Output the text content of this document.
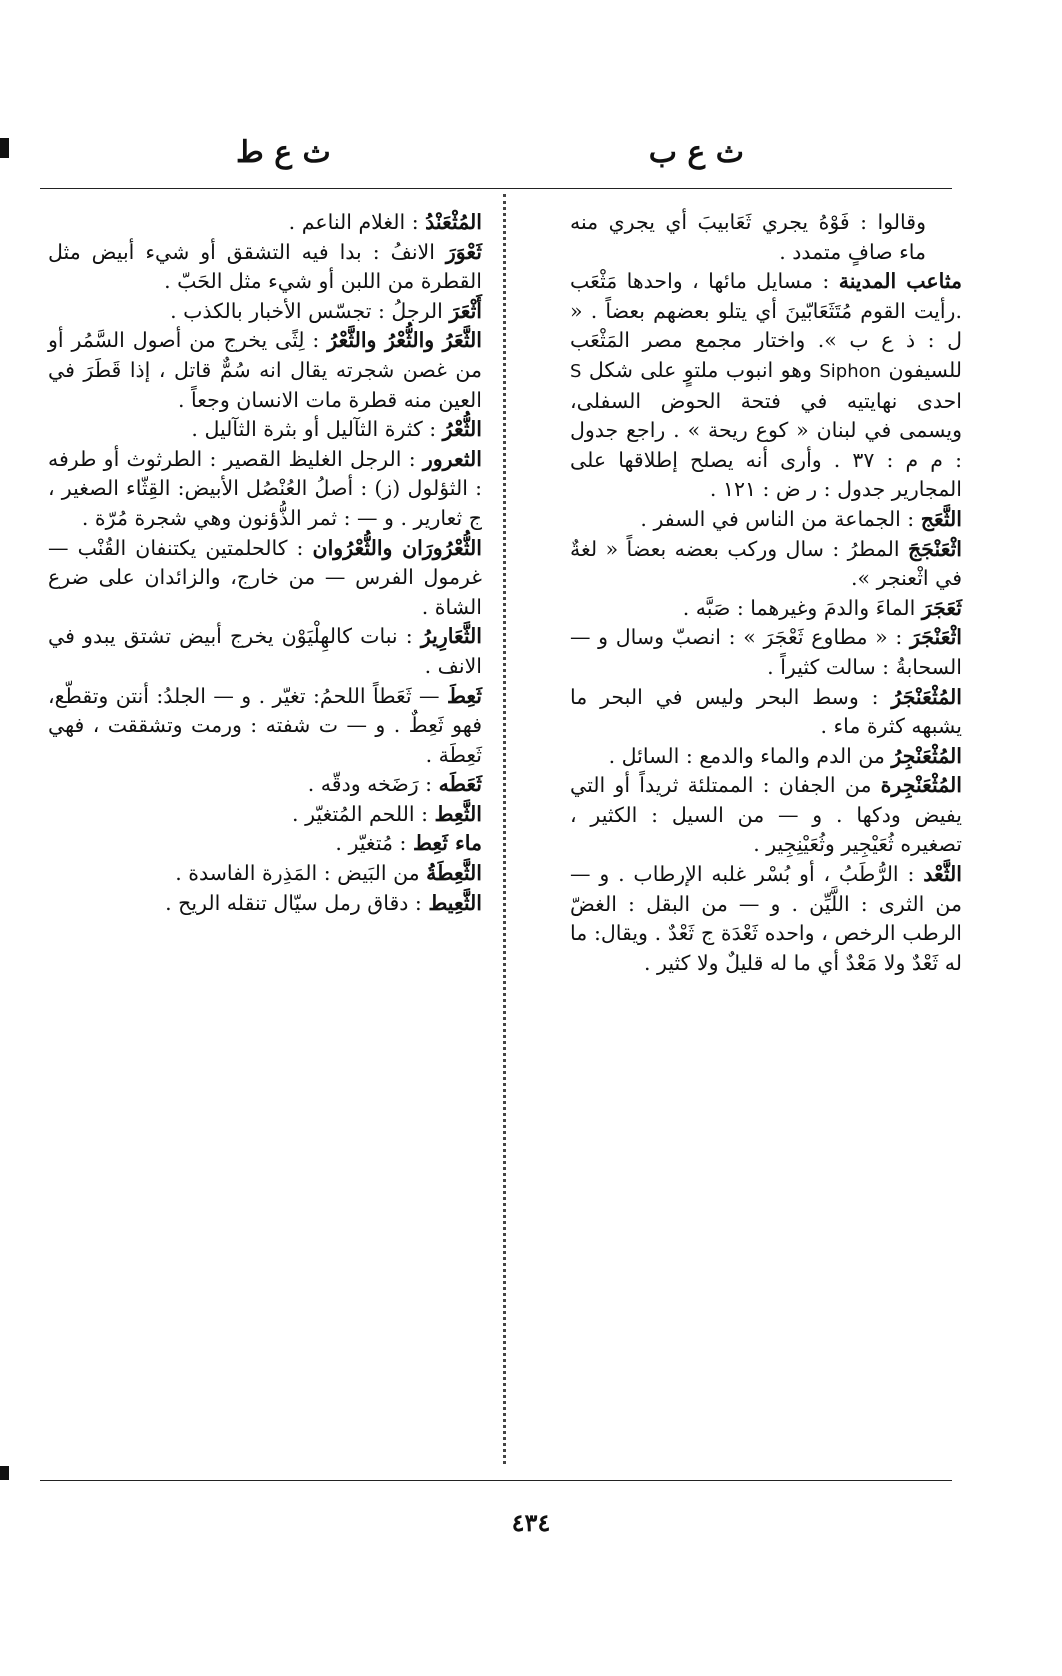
ث ع ب
ث ع ط

وقالوا : فَوْهُ يجري ثَعَابيبَ أي يجري منه ماء صافٍ متمدد .

مثاعب المدينة : مسايل مائها ، واحدها مَثْعَب .رأيت القوم مُتَثَعَابّينَ أي يتلو بعضهم بعضاً . « ل : ذ ع ب ». واختار مجمع مصر المَثْعَب للسيفون Siphon وهو انبوب ملتوٍ على شكل S احدى نهايتيه في فتحة الحوض السفلى، ويسمى في لبنان « كوع ريحة » . راجع جدول : م م : ٣٧ . وأرى أنه يصلح إطلاقها على المجارير جدول : ر ض : ١٢١ .

الثَّعَج : الجماعة من الناس في السفر .

اثْعَنْجَجَ المطرُ : سال وركب بعضه بعضاً « لغةٌ في اثْعنجر ».

ثَعَجَرَ الماءَ والدمَ وغيرهما : صَبَّه .

اثْعَنْجَرَ : « مطاوع ثَعْجَرَ » : انصبّ وسال و — السحابةُ : سالت كثيراً .

المُثْعَنْجَرُ : وسط البحر وليس في البحر ما يشبهه كثرة ماء .

المُثْعَنْجِرُ من الدم والماء والدمع : السائل .

المُثْعَنْجِرة من الجفان : الممتلئة ثريداً أو التي يفيض ودكها . و — من السيل : الكثير ، تصغيره ثُعَيْجِير وثُعَيْنِجِير .

الثَّعْد : الرُّطَبُ ، أو بُسْر غلبه الإرطاب . و — من الثرى : اللَّيِّن . و — من البقل : الغضّ الرطب الرخص ، واحده ثَعْدَة ج ثَعْدٌ . ويقال: ما له ثَعْدٌ ولا مَعْدٌ أي ما له قليلٌ ولا كثير .

المُثْعَنْدُ : الغلام الناعم .

ثَعْوَرَ الانفُ : بدا فيه التشقق أو شيء أبيض مثل القطرة من اللبن أو شيء مثل الحَبّ .

أَثْعَرَ الرجلُ : تجسّس الأخبار بالكذب .

الثَّعَرُ والثُّعْرُ والثَّعْرُ : لِثًى يخرج من أصول السَّمُر أو من غصن شجرته يقال انه سُمٌّ قاتل ، إذا قَطَرَ في العين منه قطرة مات الانسان وجعاً .

الثُّعْرُ : كثرة الثآليل أو بثرة الثآليل .

الثعرور : الرجل الغليظ القصير : الطرثوث أو طرفه : الثؤلول (ز) : أصلُ العُنْصُل الأبيض: القِثّاء الصغير ، ج ثعارير . و — : ثمر الذُّؤنون وهي شجرة مُرّة .

الثُّعْرُورَان والثُّعْرُوان : كالحلمتين يكتنفان القُنْب — غرمول الفرس — من خارج، والزائدان على ضرع الشاة .

الثَّعَارِيرُ : نبات كالهِلْيَوْن يخرج أبيض تشتق يبدو في الانف .

ثَعِطَ — ثَعَطاً اللحمُ: تغيّر . و — الجلدُ: أنتن وتقطّع، فهو ثَعِطٌ . و — ت شفته : ورمت وتشققت ، فهي ثَعِطَة .

ثَعَطَه : رَضَخه ودقّه .

الثَّعِط : اللحم المُتغيّر .

ماء ثَعِط : مُتغيّر .

الثَّعِطَةُ من البَيض : المَذِرة الفاسدة .

الثَّعِيط : دقاق رمل سيّال تنقله الريح .

٤٣٤
